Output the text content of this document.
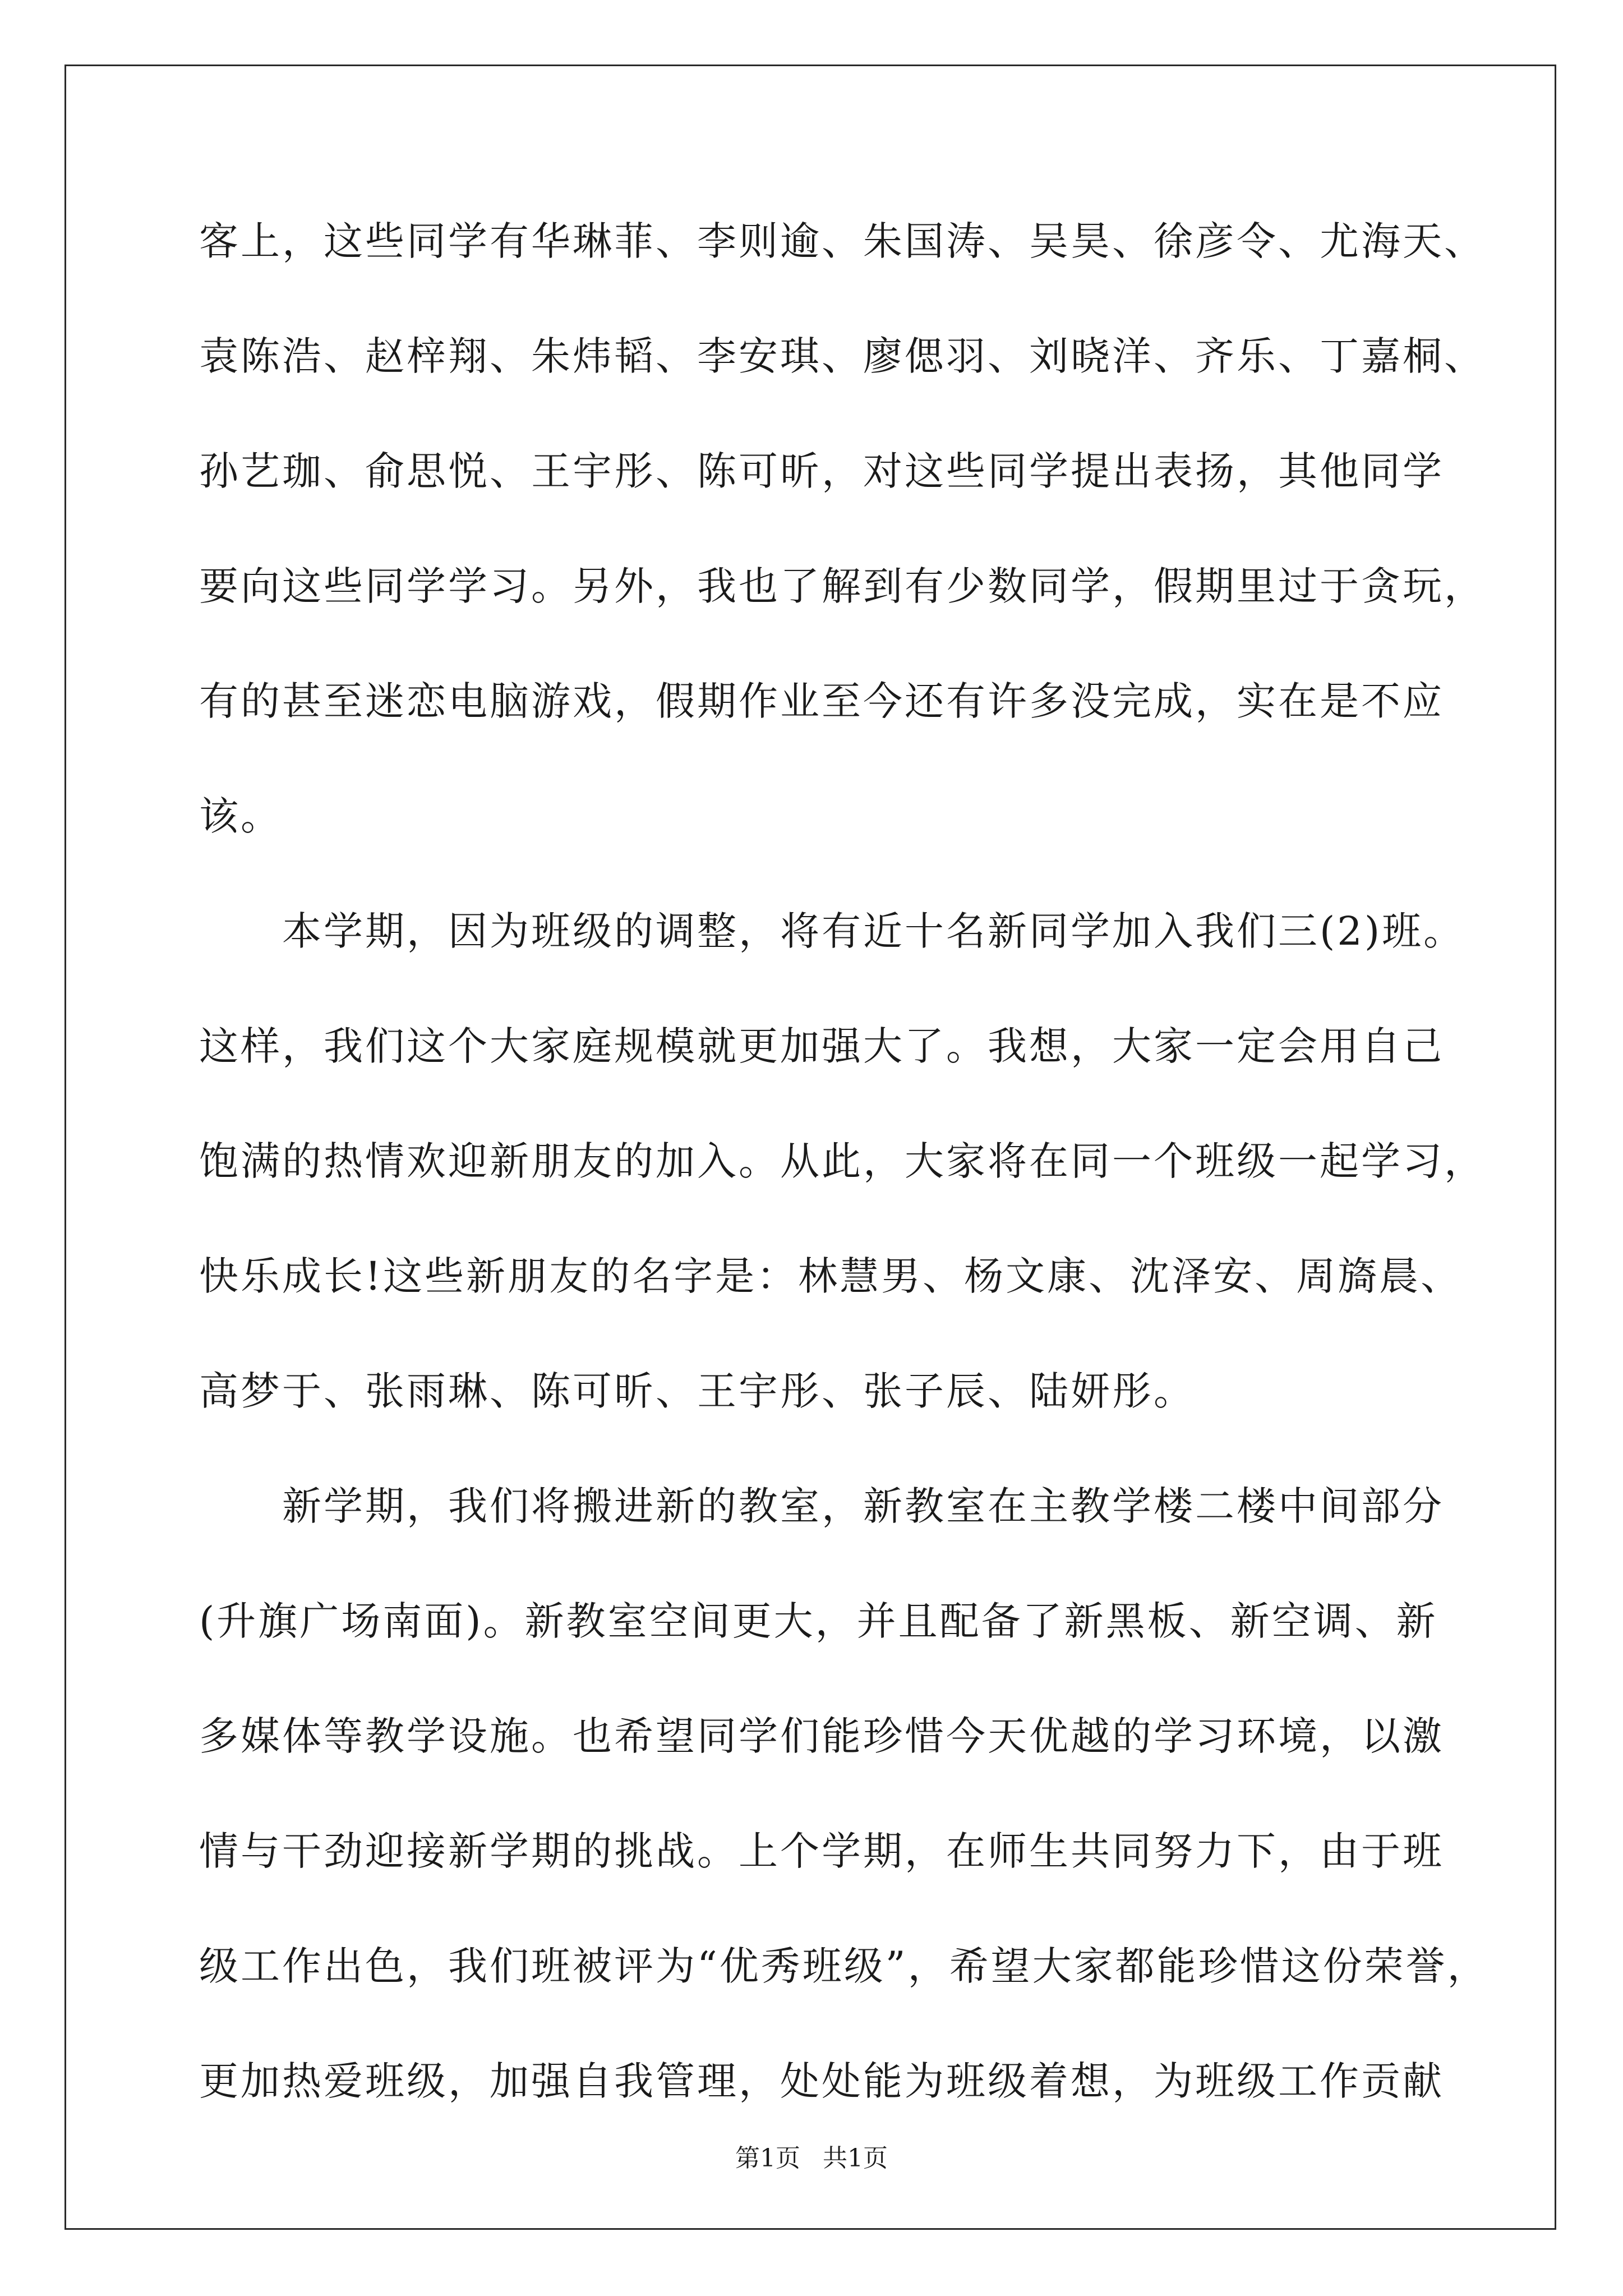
客上，这些同学有华琳菲、李则逾、朱国涛、吴昊、徐彦令、尤海天、
袁陈浩、赵梓翔、朱炜韬、李安琪、廖偲羽、刘晓洋、齐乐、丁嘉桐、
孙艺珈、俞思悦、王宇彤、陈可昕，对这些同学提出表扬，其他同学
要向这些同学学习。另外，我也了解到有少数同学，假期里过于贪玩，
有的甚至迷恋电脑游戏，假期作业至今还有许多没完成，实在是不应
该。
　　本学期，因为班级的调整，将有近十名新同学加入我们三(2)班。
这样，我们这个大家庭规模就更加强大了。我想，大家一定会用自己
饱满的热情欢迎新朋友的加入。从此，大家将在同一个班级一起学习，
快乐成长!这些新朋友的名字是：林慧男、杨文康、沈泽安、周旖晨、
高梦于、张雨琳、陈可昕、王宇彤、张子辰、陆妍彤。
　　新学期，我们将搬进新的教室，新教室在主教学楼二楼中间部分
(升旗广场南面)。新教室空间更大，并且配备了新黑板、新空调、新
多媒体等教学设施。也希望同学们能珍惜今天优越的学习环境，以激
情与干劲迎接新学期的挑战。上个学期，在师生共同努力下，由于班
级工作出色，我们班被评为“优秀班级”，希望大家都能珍惜这份荣誉，
更加热爱班级，加强自我管理，处处能为班级着想，为班级工作贡献
第1页 共1页
